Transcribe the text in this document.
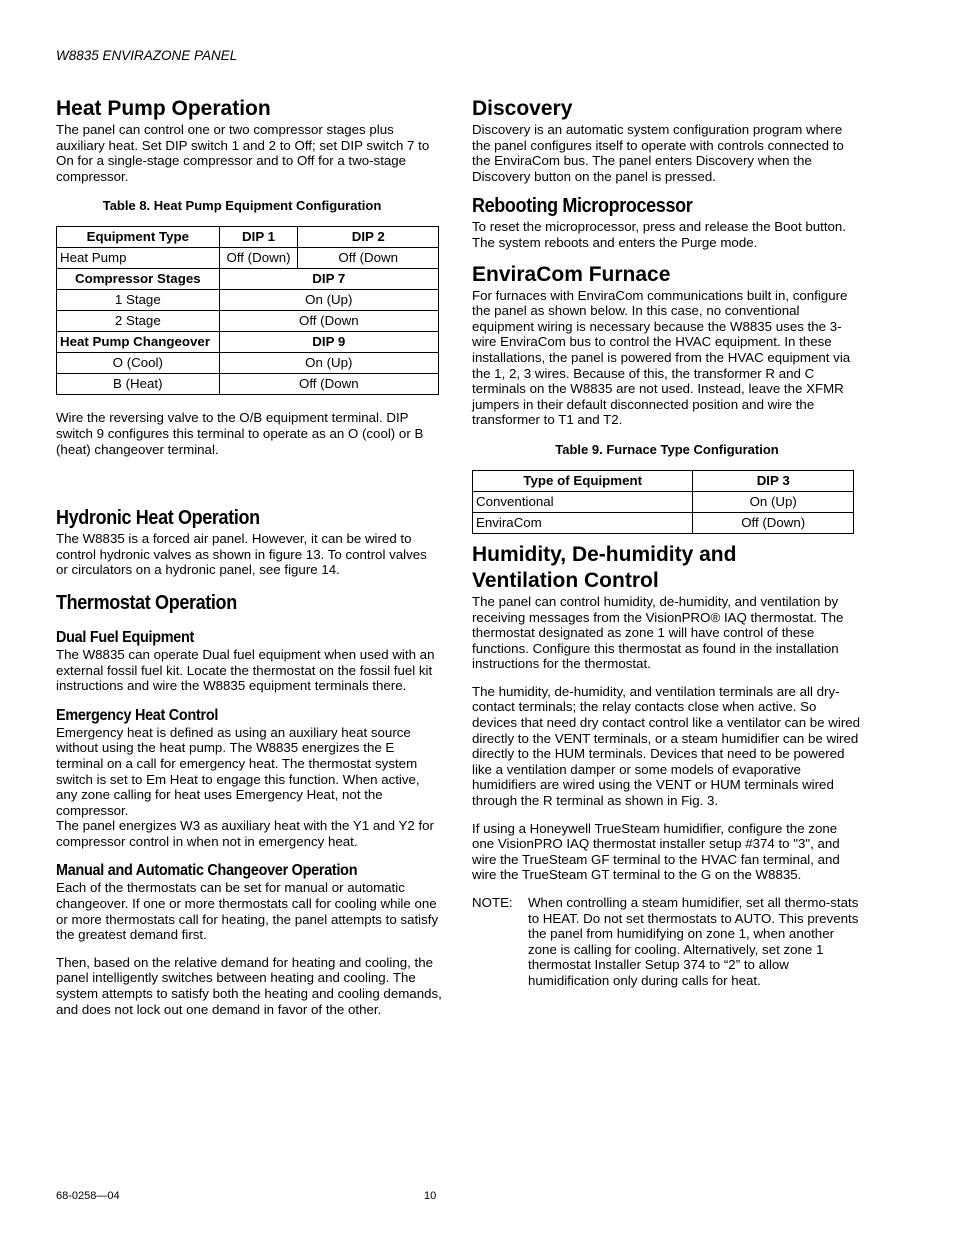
W8835 ENVIRAZONE PANEL
Heat Pump Operation

The panel can control one or two compressor stages plus auxiliary heat. Set DIP switch 1 and 2 to Off; set DIP switch 7 to On for a single-stage compressor and to Off for a two-stage compressor.

Table 8. Heat Pump Equipment Configuration
Equipment Type	DIP 1	DIP 2
Heat Pump	Off (Down)	Off (Down
Compressor Stages	DIP 7	
1 Stage	On (Up)	
2 Stage	Off (Down	
Heat Pump Changeover	DIP 9	
O (Cool)	On (Up)	
B (Heat)	Off (Down	

Wire the reversing valve to the O/B equipment terminal. DIP switch 9 configures this terminal to operate as an O (cool) or B (heat) changeover terminal.

Hydronic Heat Operation

The W8835 is a forced air panel. However, it can be wired to control hydronic valves as shown in figure 13. To control valves or circulators on a hydronic panel, see figure 14.

Thermostat Operation
Dual Fuel Equipment

The W8835 can operate Dual fuel equipment when used with an external fossil fuel kit. Locate the thermostat on the fossil fuel kit instructions and wire the W8835 equipment terminals there.

Emergency Heat Control

Emergency heat is defined as using an auxiliary heat source without using the heat pump. The W8835 energizes the E terminal on a call for emergency heat. The thermostat system switch is set to Em Heat to engage this function. When active, any zone calling for heat uses Emergency Heat, not the compressor.

The panel energizes W3 as auxiliary heat with the Y1 and Y2 for compressor control in when not in emergency heat.

Manual and Automatic Changeover Operation

Each of the thermostats can be set for manual or automatic changeover. If one or more thermostats call for cooling while one or more thermostats call for heating, the panel attempts to satisfy the greatest demand first.

Then, based on the relative demand for heating and cooling, the panel intelligently switches between heating and cooling. The system attempts to satisfy both the heating and cooling demands, and does not lock out one demand in favor of the other.

Discovery

Discovery is an automatic system configuration program where the panel configures itself to operate with controls connected to the EnviraCom bus. The panel enters Discovery when the Discovery button on the panel is pressed.

Rebooting Microprocessor

To reset the microprocessor, press and release the Boot button. The system reboots and enters the Purge mode.

EnviraCom Furnace

For furnaces with EnviraCom communications built in, configure the panel as shown below. In this case, no conventional equipment wiring is necessary because the W8835 uses the 3-wire EnviraCom bus to control the HVAC equipment. In these installations, the panel is powered from the HVAC equipment via the 1, 2, 3 wires. Because of this, the transformer R and C terminals on the W8835 are not used. Instead, leave the XFMR jumpers in their default disconnected position and wire the transformer to T1 and T2.

Table 9. Furnace Type Configuration
Type of Equipment	DIP 3
Conventional	On (Up)
EnviraCom	Off (Down)
Humidity, De-humidity and
Ventilation Control

The panel can control humidity, de-humidity, and ventilation by receiving messages from the VisionPRO® IAQ thermostat. The thermostat designated as zone 1 will have control of these functions. Configure this thermostat as found in the installation instructions for the thermostat.

The humidity, de-humidity, and ventilation terminals are all dry-contact terminals; the relay contacts close when active. So devices that need dry contact control like a ventilator can be wired directly to the VENT terminals, or a steam humidifier can be wired directly to the HUM terminals. Devices that need to be powered like a ventilation damper or some models of evaporative humidifiers are wired using the VENT or HUM terminals wired through the R terminal as shown in Fig. 3.

If using a Honeywell TrueSteam humidifier, configure the zone one VisionPRO IAQ thermostat installer setup #374 to "3", and wire the TrueSteam GF terminal to the HVAC fan terminal, and wire the TrueSteam GT terminal to the G on the W8835.

NOTE:	When controlling a steam humidifier, set all thermo-stats to HEAT. Do not set thermostats to AUTO. This prevents the panel from humidifying on zone 1, when another zone is calling for cooling. Alternatively, set zone 1 thermostat Installer Setup 374 to “2” to allow humidification only during calls for heat.
68-0258—04	10
